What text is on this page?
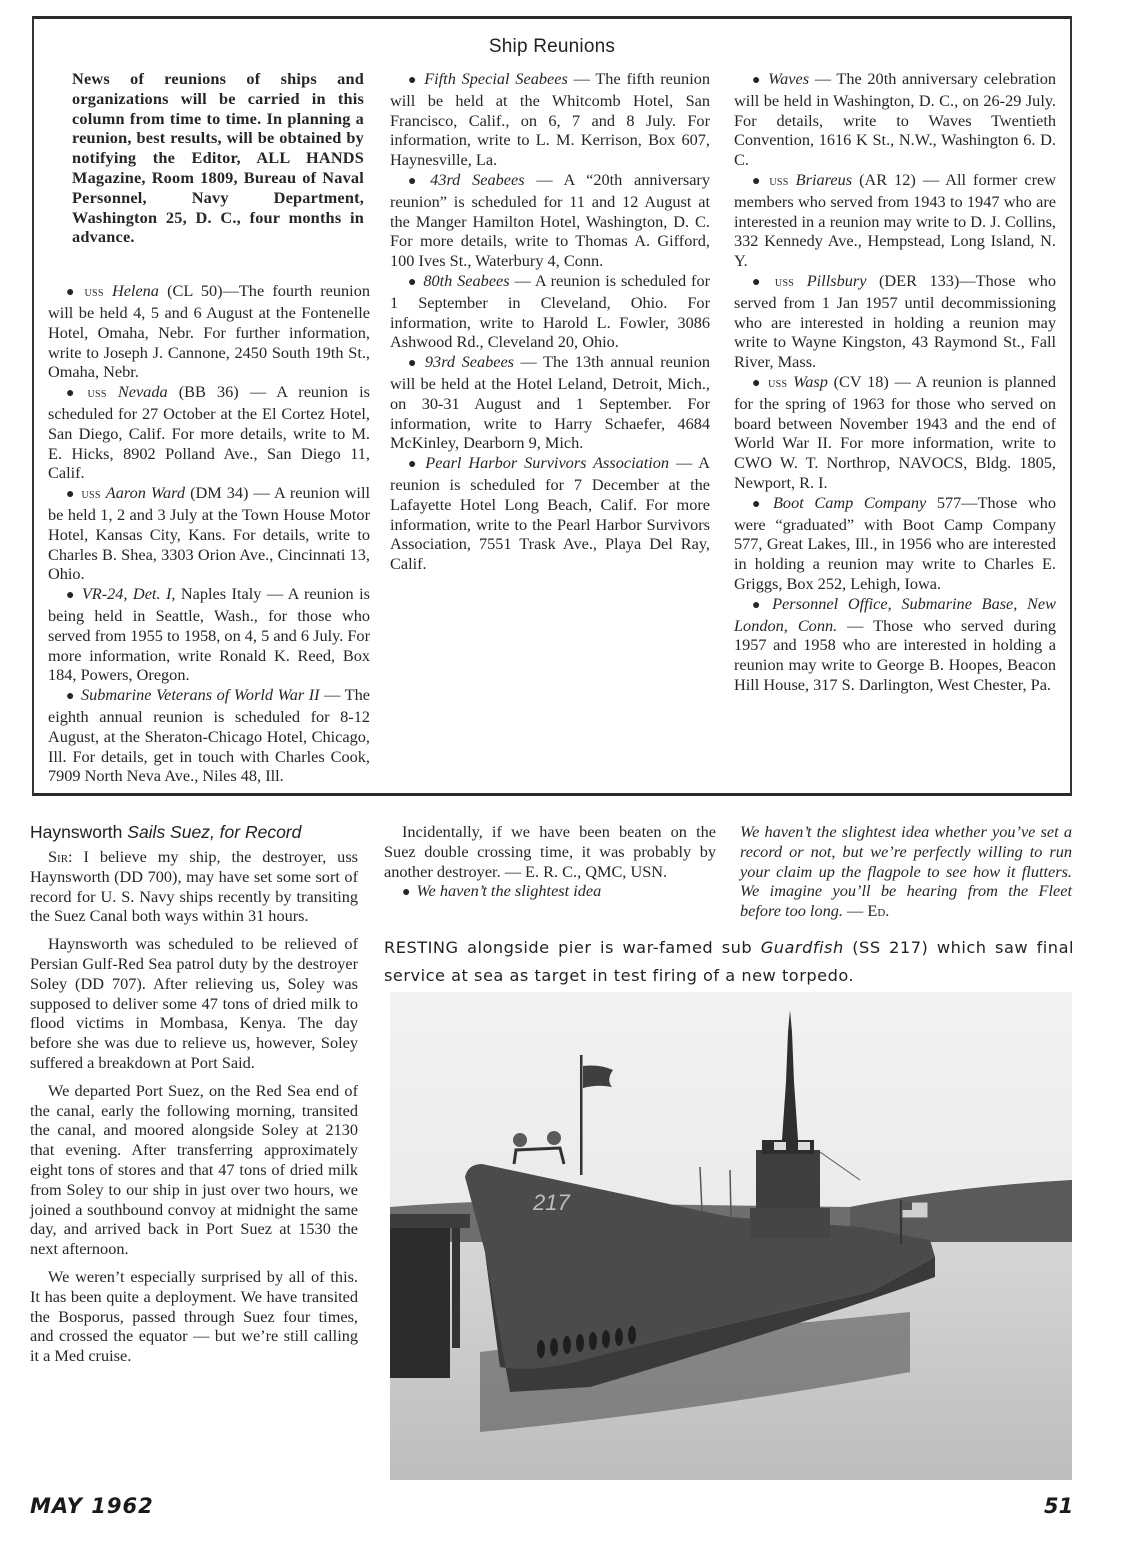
Ship Reunions

News of reunions of ships and organizations will be carried in this column from time to time. In planning a reunion, best results, will be obtained by notifying the Editor, ALL HANDS Magazine, Room 1809, Bureau of Naval Personnel, Navy Department, Washington 25, D. C., four months in advance.

● uss Helena (CL 50)—The fourth reunion will be held 4, 5 and 6 August at the Fontenelle Hotel, Omaha, Nebr. For further information, write to Joseph J. Cannone, 2450 South 19th St., Omaha, Nebr.

● uss Nevada (BB 36) — A reunion is scheduled for 27 October at the El Cortez Hotel, San Diego, Calif. For more details, write to M. E. Hicks, 8902 Polland Ave., San Diego 11, Calif.

● uss Aaron Ward (DM 34) — A reunion will be held 1, 2 and 3 July at the Town House Motor Hotel, Kansas City, Kans. For details, write to Charles B. Shea, 3303 Orion Ave., Cincinnati 13, Ohio.

● VR-24, Det. I, Naples Italy — A reunion is being held in Seattle, Wash., for those who served from 1955 to 1958, on 4, 5 and 6 July. For more information, write Ronald K. Reed, Box 184, Powers, Oregon.

● Submarine Veterans of World War II — The eighth annual reunion is scheduled for 8-12 August, at the Sheraton-Chicago Hotel, Chicago, Ill. For details, get in touch with Charles Cook, 7909 North Neva Ave., Niles 48, Ill.

● Fifth Special Seabees — The fifth reunion will be held at the Whitcomb Hotel, San Francisco, Calif., on 6, 7 and 8 July. For information, write to L. M. Kerrison, Box 607, Haynesville, La.

● 43rd Seabees — A “20th anniversary reunion” is scheduled for 11 and 12 August at the Manger Hamilton Hotel, Washington, D. C. For more details, write to Thomas A. Gifford, 100 Ives St., Waterbury 4, Conn.

● 80th Seabees — A reunion is scheduled for 1 September in Cleveland, Ohio. For information, write to Harold L. Fowler, 3086 Ashwood Rd., Cleveland 20, Ohio.

● 93rd Seabees — The 13th annual reunion will be held at the Hotel Leland, Detroit, Mich., on 30-31 August and 1 September. For information, write to Harry Schaefer, 4684 McKinley, Dearborn 9, Mich.

● Pearl Harbor Survivors Association — A reunion is scheduled for 7 December at the Lafayette Hotel Long Beach, Calif. For more information, write to the Pearl Harbor Survivors Association, 7551 Trask Ave., Playa Del Ray, Calif.

● Waves — The 20th anniversary celebration will be held in Washington, D. C., on 26-29 July. For details, write to Waves Twentieth Convention, 1616 K St., N.W., Washington 6. D. C.

● uss Briareus (AR 12) — All former crew members who served from 1943 to 1947 who are interested in a reunion may write to D. J. Collins, 332 Kennedy Ave., Hempstead, Long Island, N. Y.

● uss Pillsbury (DER 133)—Those who served from 1 Jan 1957 until decommissioning who are interested in holding a reunion may write to Wayne Kingston, 43 Raymond St., Fall River, Mass.

● uss Wasp (CV 18) — A reunion is planned for the spring of 1963 for those who served on board between November 1943 and the end of World War II. For more information, write to CWO W. T. Northrop, NAVOCS, Bldg. 1805, Newport, R. I.

● Boot Camp Company 577—Those who were “graduated” with Boot Camp Company 577, Great Lakes, Ill., in 1956 who are interested in holding a reunion may write to Charles E. Griggs, Box 252, Lehigh, Iowa.

● Personnel Office, Submarine Base, New London, Conn. — Those who served during 1957 and 1958 who are interested in holding a reunion may write to George B. Hoopes, Beacon Hill House, 317 S. Darlington, West Chester, Pa.

Haynsworth Sails Suez, for Record

Sir: I believe my ship, the destroyer, uss Haynsworth (DD 700), may have set some sort of record for U. S. Navy ships recently by transiting the Suez Canal both ways within 31 hours.

Haynsworth was scheduled to be relieved of Persian Gulf-Red Sea patrol duty by the destroyer Soley (DD 707). After relieving us, Soley was supposed to deliver some 47 tons of dried milk to flood victims in Mombasa, Kenya. The day before she was due to relieve us, however, Soley suffered a breakdown at Port Said.

We departed Port Suez, on the Red Sea end of the canal, early the following morning, transited the canal, and moored alongside Soley at 2130 that evening. After transferring approximately eight tons of stores and that 47 tons of dried milk from Soley to our ship in just over two hours, we joined a southbound convoy at midnight the same day, and arrived back in Port Suez at 1530 the next afternoon.

We weren’t especially surprised by all of this. It has been quite a deployment. We have transited the Bosporus, passed through Suez four times, and crossed the equator — but we’re still calling it a Med cruise.

Incidentally, if we have been beaten on the Suez double crossing time, it was probably by another destroyer. — E. R. C., QMC, USN.

● We haven’t the slightest idea

We haven’t the slightest idea whether you’ve set a record or not, but we’re perfectly willing to run your claim up the flagpole to see how it flutters. We imagine you’ll be hearing from the Fleet before too long. — Ed.

RESTING alongside pier is war-famed sub Guardfish (SS 217) which saw final service at sea as target in test firing of a new torpedo.
217
MAY 1962	51
